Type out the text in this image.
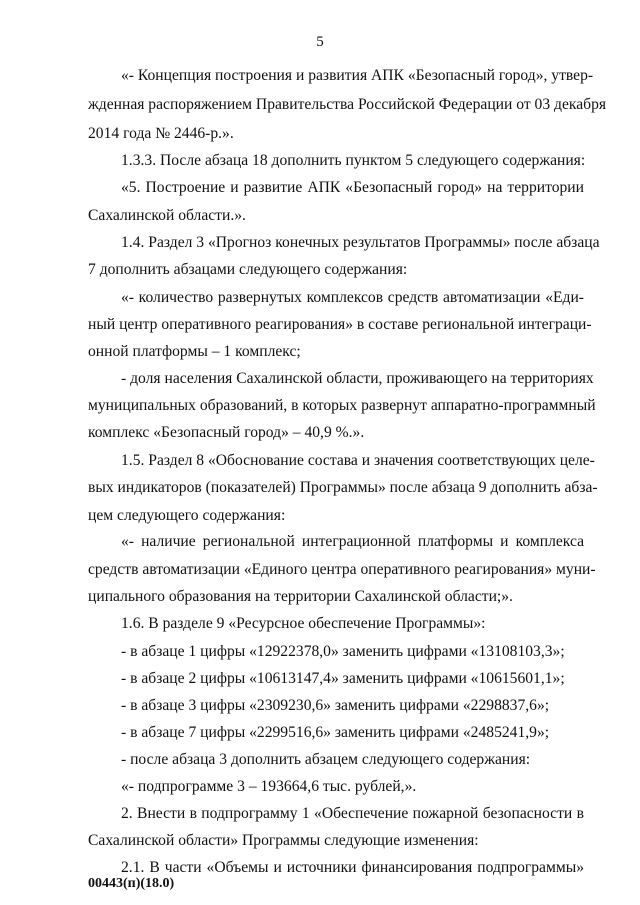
5
«- Концепция построения и развития АПК «Безопасный город», утвер-
жденная распоряжением Правительства Российской Федерации от 03 декабря
2014 года № 2446-р.».
1.3.3. После абзаца 18 дополнить пунктом 5 следующего содержания:
«5. Построение и развитие АПК «Безопасный город» на территории
Сахалинской области.».
1.4. Раздел 3 «Прогноз конечных результатов Программы» после абзаца
7 дополнить абзацами следующего содержания:
«- количество развернутых комплексов средств автоматизации «Еди-
ный центр оперативного реагирования» в составе региональной интеграци-
онной платформы – 1 комплекс;
- доля населения Сахалинской области, проживающего на территориях
муниципальных образований, в которых развернут аппаратно-программный
комплекс «Безопасный город» – 40,9 %.».
1.5. Раздел 8 «Обоснование состава и значения соответствующих целе-
вых индикаторов (показателей) Программы» после абзаца 9 дополнить абза-
цем следующего содержания:
«- наличие региональной интеграционной платформы и комплекса
средств автоматизации «Единого центра оперативного реагирования» муни-
ципального образования на территории Сахалинской области;».
1.6. В разделе 9 «Ресурсное обеспечение Программы»:
- в абзаце 1 цифры «12922378,0» заменить цифрами «13108103,3»;
- в абзаце 2 цифры «10613147,4» заменить цифрами «10615601,1»;
- в абзаце 3 цифры «2309230,6» заменить цифрами «2298837,6»;
- в абзаце 7 цифры «2299516,6» заменить цифрами «2485241,9»;
- после абзаца 3 дополнить абзацем следующего содержания:
«- подпрограмме 3 – 193664,6 тыс. рублей,».
2. Внести в подпрограмму 1 «Обеспечение пожарной безопасности в
Сахалинской области» Программы следующие изменения:
2.1. В части «Объемы и источники финансирования подпрограммы»
00443(п)(18.0)
